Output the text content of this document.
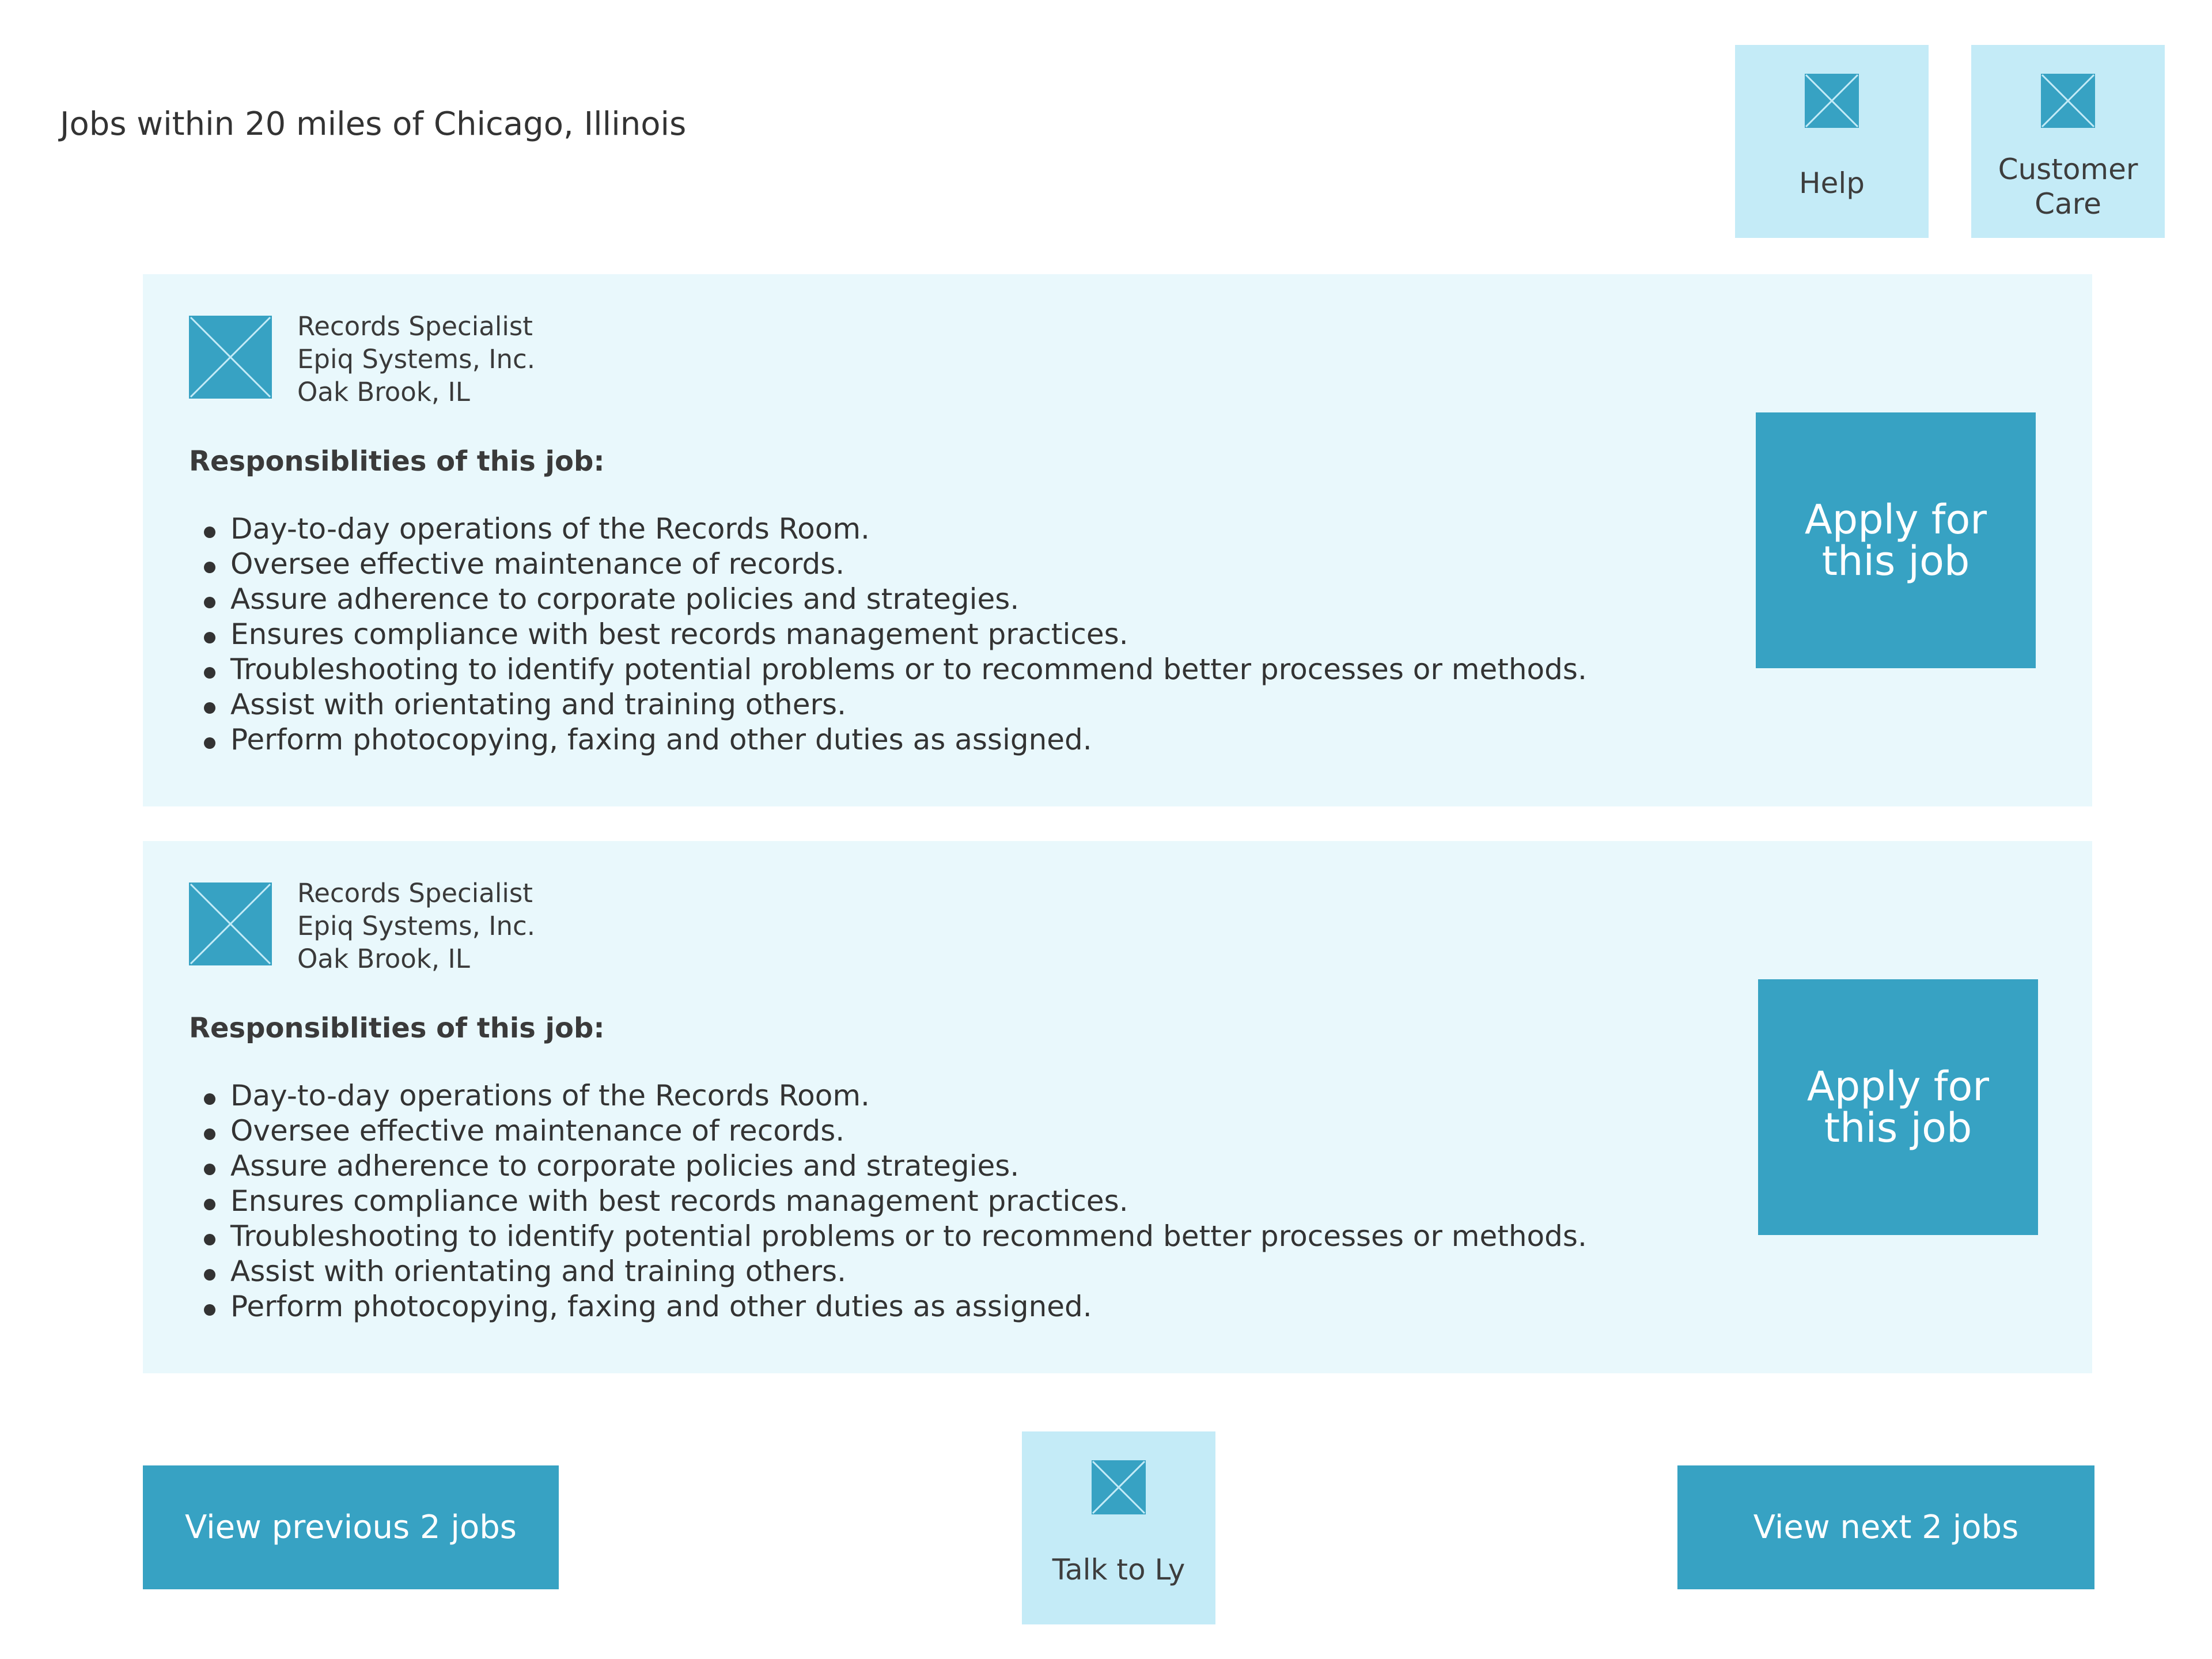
Jobs within 20 miles of Chicago, Illinois
Help	Customer
Care
Records Specialist
Epiq Systems, Inc.
Oak Brook, IL
Responsiblities of this job:
Day-to-day operations of the Records Room.
Oversee effective maintenance of records.
Assure adherence to corporate policies and strategies.
Ensures compliance with best records management practices.
Troubleshooting to identify potential problems or to recommend better processes or methods.
Assist with orientating and training others.
Perform photocopying, faxing and other duties as assigned.
Apply for
this job
Records Specialist
Epiq Systems, Inc.
Oak Brook, IL
Responsiblities of this job:
Day-to-day operations of the Records Room.
Oversee effective maintenance of records.
Assure adherence to corporate policies and strategies.
Ensures compliance with best records management practices.
Troubleshooting to identify potential problems or to recommend better processes or methods.
Assist with orientating and training others.
Perform photocopying, faxing and other duties as assigned.
Apply for
this job
View previous 2 jobs
Talk to Ly
View next 2 jobs
